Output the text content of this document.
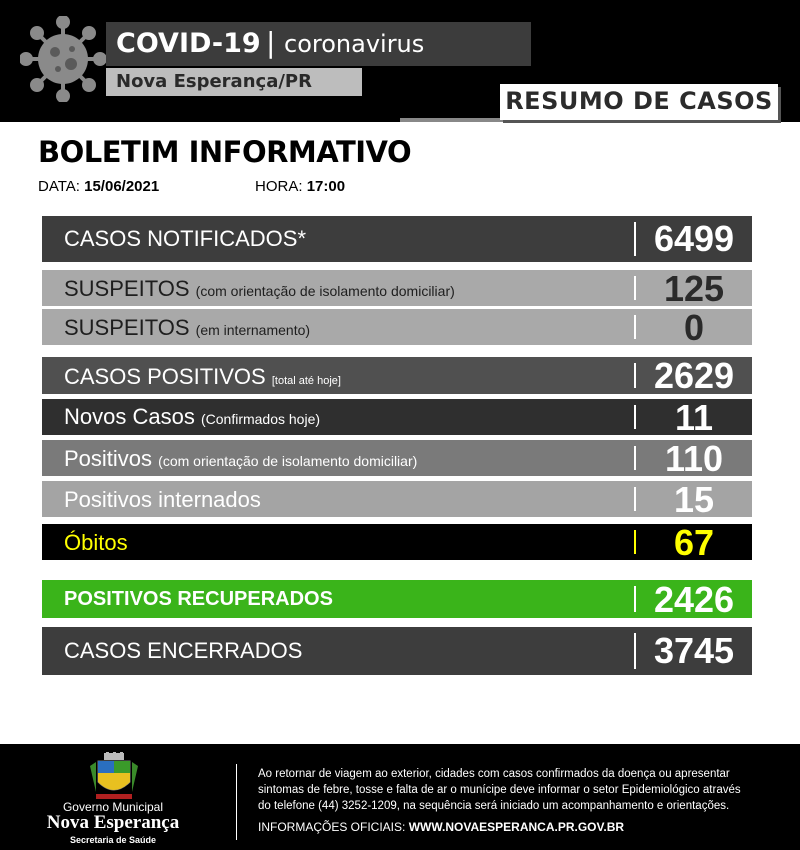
COVID-19 | coronavirus
Nova Esperança/PR
RESUMO DE CASOS
BOLETIM INFORMATIVO
DATA: 15/06/2021	HORA: 17:00
CASOS NOTIFICADOS*	6499
SUSPEITOS (com orientação de isolamento domiciliar)	125
SUSPEITOS (em internamento)	0
CASOS POSITIVOS [total até hoje]	2629
Novos Casos (Confirmados hoje)	11
Positivos (com orientação de isolamento domiciliar)	110
Positivos internados	15
Óbitos	67
POSITIVOS RECUPERADOS	2426
CASOS ENCERRADOS	3745
Governo Municipal
Nova Esperança
Secretaria de Saúde
Ao retornar de viagem ao exterior, cidades com casos confirmados da doença ou apresentar
sintomas de febre, tosse e falta de ar o munícipe deve informar o setor Epidemiológico através
do telefone (44) 3252-1209, na sequência será iniciado um acompanhamento e orientações.
INFORMAÇÕES OFICIAIS: WWW.NOVAESPERANCA.PR.GOV.BR
